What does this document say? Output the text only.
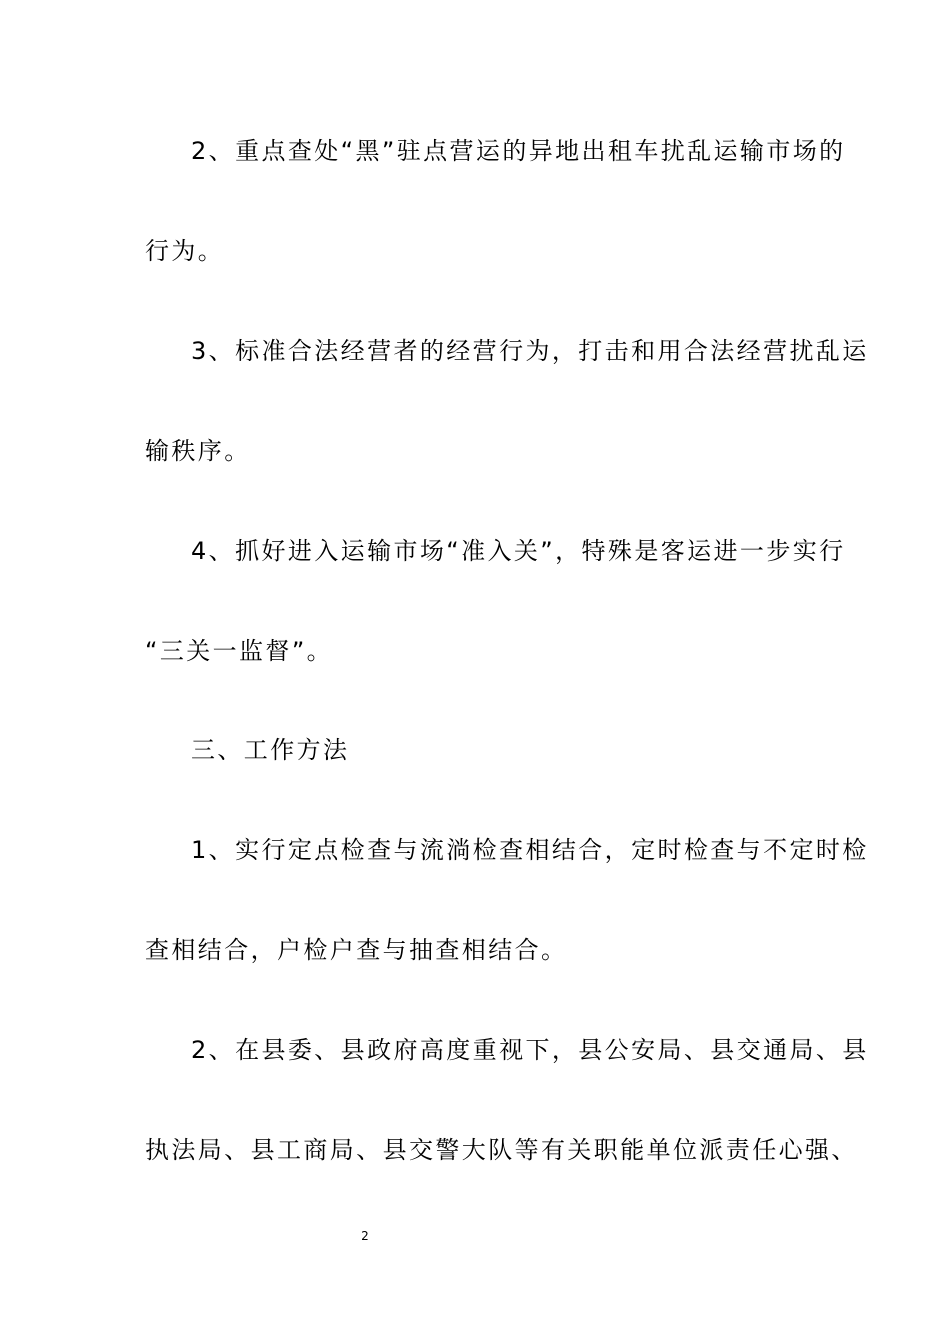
2、重点查处“黑”驻点营运的异地出租车扰乱运输市场的
行为。
3、标准合法经营者的经营行为，打击和用合法经营扰乱运
输秩序。
4、抓好进入运输市场“准入关”，特殊是客运进一步实行
“三关一监督”。
三、工作方法
1、实行定点检查与流淌检查相结合，定时检查与不定时检
查相结合，户检户查与抽查相结合。
2、在县委、县政府高度重视下，县公安局、县交通局、县
执法局、县工商局、县交警大队等有关职能单位派责任心强、
2
